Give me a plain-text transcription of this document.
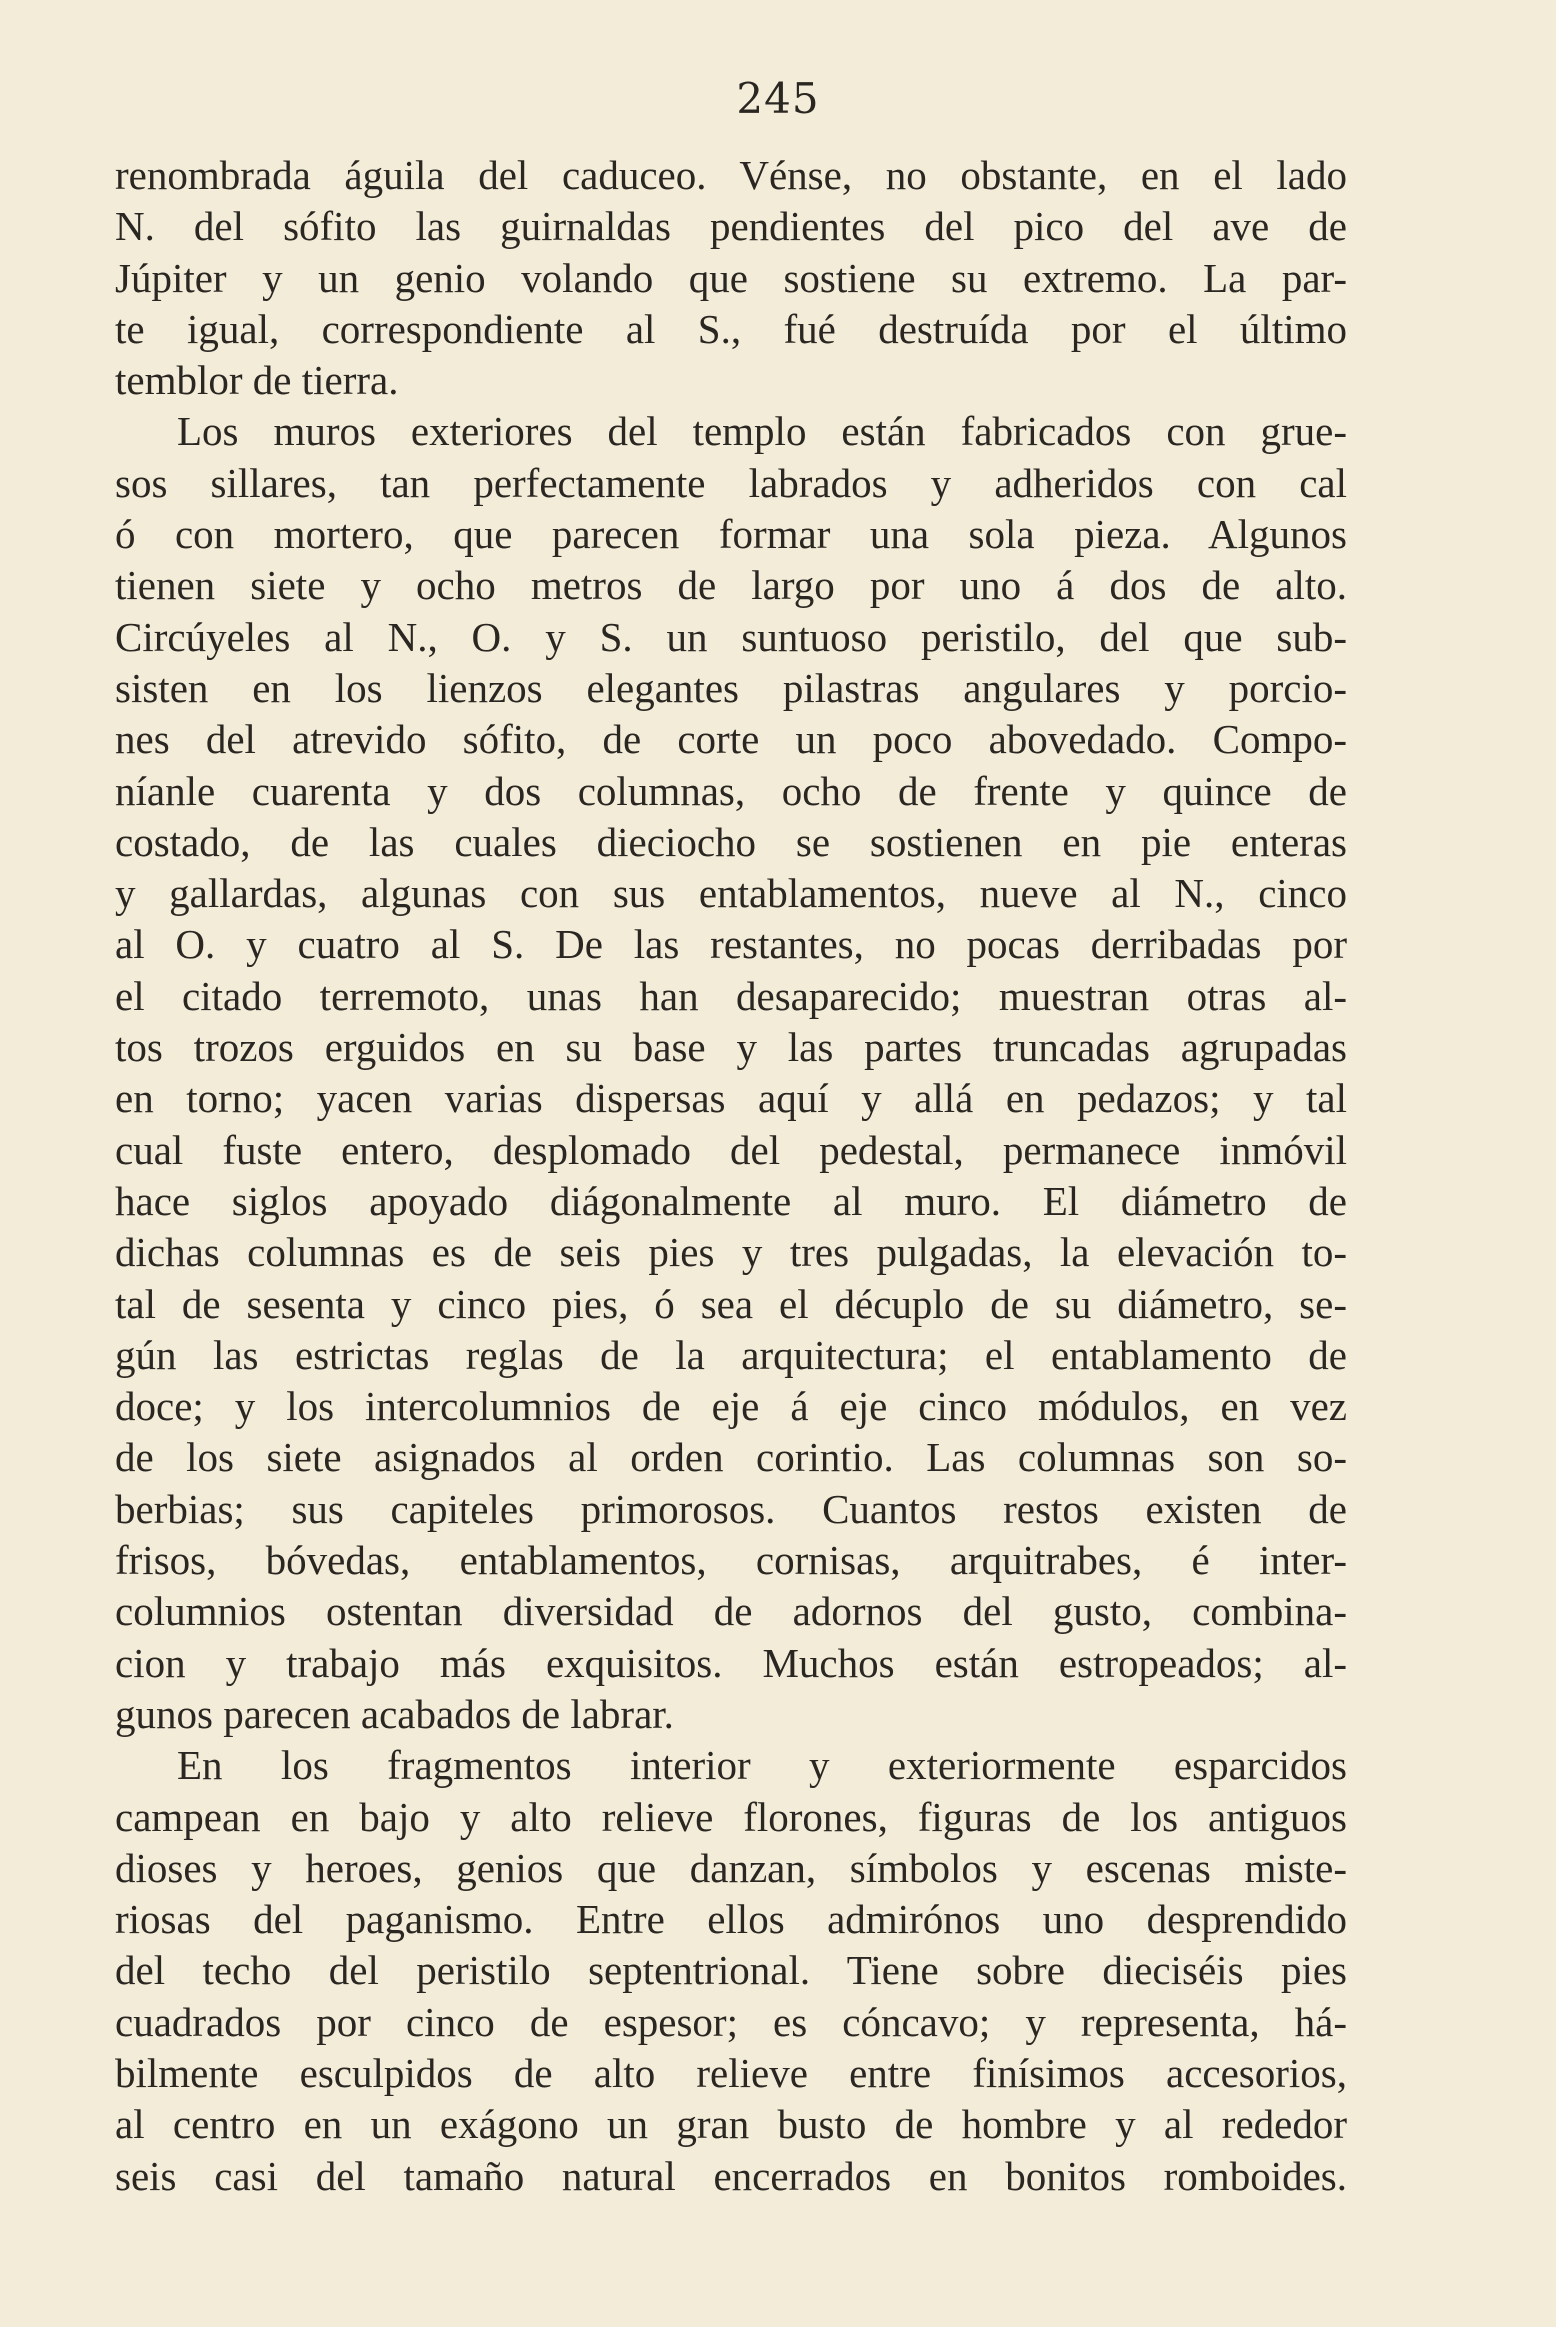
245
renombrada águila del caduceo. Vénse, no obstante, en el lado
N. del sófito las guirnaldas pendientes del pico del ave de
Júpiter y un genio volando que sostiene su extremo. La par-
te igual, correspondiente al S., fué destruída por el último
temblor de tierra.
Los muros exteriores del templo están fabricados con grue-
sos sillares, tan perfectamente labrados y adheridos con cal
ó con mortero, que parecen formar una sola pieza. Algunos
tienen siete y ocho metros de largo por uno á dos de alto.
Circúyeles al N., O. y S. un suntuoso peristilo, del que sub-
sisten en los lienzos elegantes pilastras angulares y porcio-
nes del atrevido sófito, de corte un poco abovedado. Compo-
níanle cuarenta y dos columnas, ocho de frente y quince de
costado, de las cuales dieciocho se sostienen en pie enteras
y gallardas, algunas con sus entablamentos, nueve al N., cinco
al O. y cuatro al S. De las restantes, no pocas derribadas por
el citado terremoto, unas han desaparecido; muestran otras al-
tos trozos erguidos en su base y las partes truncadas agrupadas
en torno; yacen varias dispersas aquí y allá en pedazos; y tal
cual fuste entero, desplomado del pedestal, permanece inmóvil
hace siglos apoyado diágonalmente al muro. El diámetro de
dichas columnas es de seis pies y tres pulgadas, la elevación to-
tal de sesenta y cinco pies, ó sea el décuplo de su diámetro, se-
gún las estrictas reglas de la arquitectura; el entablamento de
doce; y los intercolumnios de eje á eje cinco módulos, en vez
de los siete asignados al orden corintio. Las columnas son so-
berbias; sus capiteles primorosos. Cuantos restos existen de
frisos, bóvedas, entablamentos, cornisas, arquitrabes, é inter-
columnios ostentan diversidad de adornos del gusto, combina-
cion y trabajo más exquisitos. Muchos están estropeados; al-
gunos parecen acabados de labrar.
En los fragmentos interior y exteriormente esparcidos
campean en bajo y alto relieve florones, figuras de los antiguos
dioses y heroes, genios que danzan, símbolos y escenas miste-
riosas del paganismo. Entre ellos admirónos uno desprendido
del techo del peristilo septentrional. Tiene sobre dieciséis pies
cuadrados por cinco de espesor; es cóncavo; y representa, há-
bilmente esculpidos de alto relieve entre finísimos accesorios,
al centro en un exágono un gran busto de hombre y al rededor
seis casi del tamaño natural encerrados en bonitos romboides.
